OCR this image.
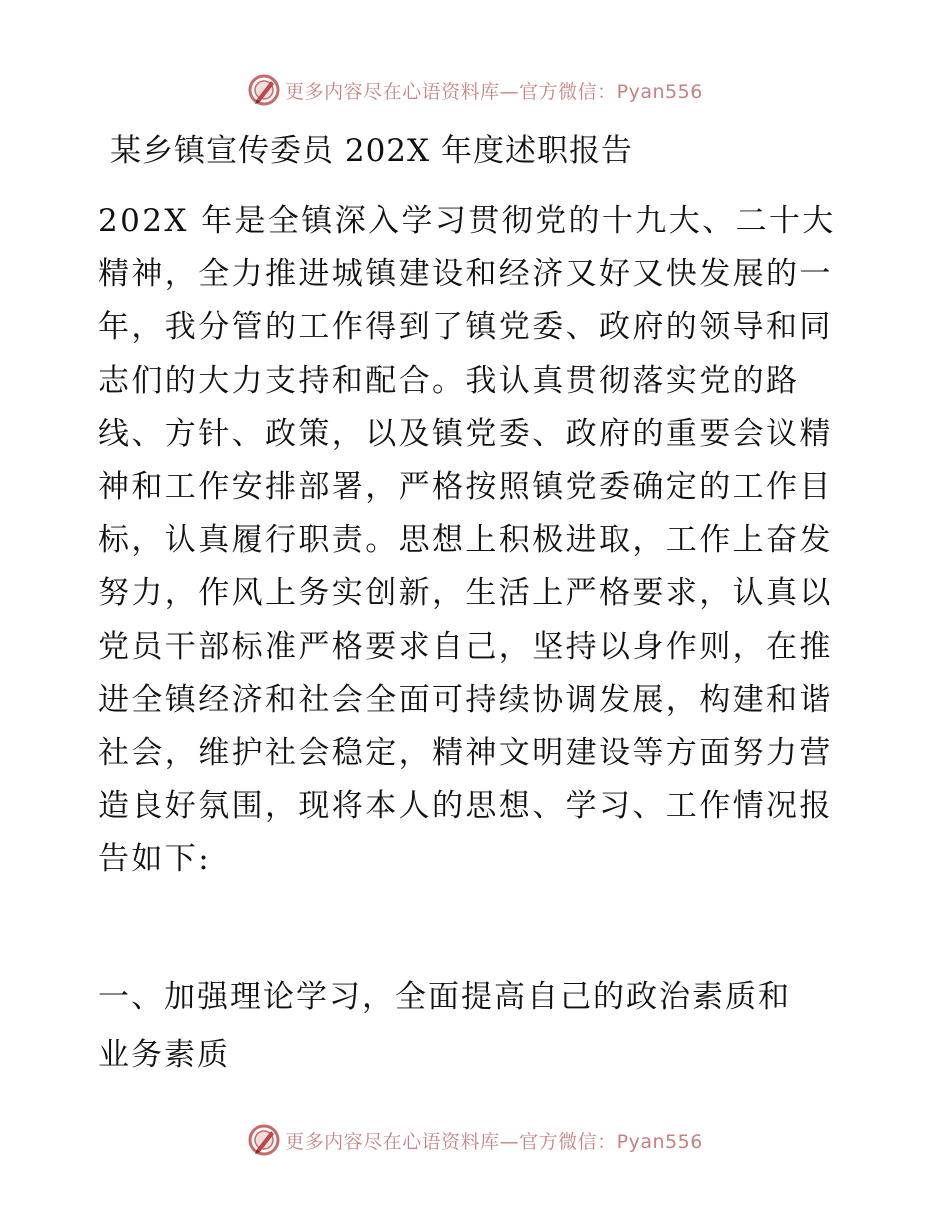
更多内容尽在心语资料库—官方微信：Pyan556
某乡镇宣传委员 202X 年度述职报告
202X 年是全镇深入学习贯彻党的十九大、二十大
精神，全力推进城镇建设和经济又好又快发展的一
年，我分管的工作得到了镇党委、政府的领导和同
志们的大力支持和配合。我认真贯彻落实党的路
线、方针、政策，以及镇党委、政府的重要会议精
神和工作安排部署，严格按照镇党委确定的工作目
标，认真履行职责。思想上积极进取，工作上奋发
努力，作风上务实创新，生活上严格要求，认真以
党员干部标准严格要求自己，坚持以身作则，在推
进全镇经济和社会全面可持续协调发展，构建和谐
社会，维护社会稳定，精神文明建设等方面努力营
造良好氛围，现将本人的思想、学习、工作情况报
告如下:
一、加强理论学习，全面提高自己的政治素质和
业务素质
更多内容尽在心语资料库—官方微信：Pyan556
